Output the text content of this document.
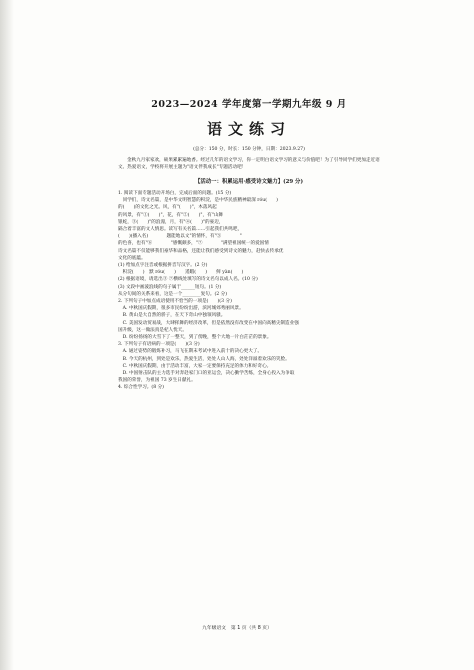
2023—2024 学年度第一学期九年级 9 月
语文练习
(总分：150 分，时长：150 分钟，日期：2023.9.27)

金秋九月家家欢，硕果累累遍地香。经过几年的语文学习，你一定明白语文学习的意义与价值吧！为了引导同学们更加走近语文、热爱语文，学校将开展主题为"语文伴我成长"专题活动吧！

【活动一：积累运用·感受诗文魅力】(29 分)
1. 阅读下面专题活动开场白，完成后面的问题。(15 分)
　同学们，诗文名篇，是中华文明智慧的积淀，是中华民族精神最深 róu(　　)
的(　　)的文化之光。风，有"(　　)"，木落风起
的风景，有"①(　　)"，花，有"②(　　)"，有"山舞
银蛇，③(　　)"的浪漫，月，有"④(　　)"的豪迈，
隔合着丰富的文人情思。读写有关名篇……引起我们共鸣吧，
(　　)(播入名)　　　　题能地以文"的情怀，有"⑤　　　　"
的色喜，也有"⑥　　　　"感慨颇多，"⑦　　　　"满望祖国统一的爱国情
诗文名篇不仅能够我们豪华和品格，还能让我们感受到诗文的魅力，赶快去传承优
文化的底蕴。
(1) 给加点字注音或根据拼音写汉字。(2 分)
　积淀(　　)　默 róu(　　)　　遥暇(　　)　　鲜 yàn(　　)
(2) 根据语境，请选出③ ⑦横线处填写的诗文名句以成人名。(10 分)
(3) 文段中画波浪线的句子属于______短句。(1 分)
从分句间的关系来看，这是一个________复句。(2 分)
2. 下列句子中加点成语使用不恰当的一项是(　　)(3 分)
　A. 中秋国庆假期，很多市民纷纷出游，滨河城郊秀丽风景。
　B. 黄山是大自然的骄子，在天下奇山中独领风骚。
　C. 美国发动贸易战，大肆挥舞的经济改革，但是依然没有改变在中国向高精尖制造业强
国升级，这一做法真是杞人忧天。
　D. 纷纷扬扬的大雪下了一整天，到了傍晚，整个大地一片白茫茫的景象。
3. 下列句子有语病的一项是(　　)(3 分)
　A. 通过姿势的锻炼补习，马飞在期末考试中进入前十的决心更大了。
　B. 今天的杭州，到处是欢乐，热爱生活，处处人山人海，处处洋溢着欢乐的笑脸。
　C. 中秋国庆假期，由于活动丰富，大家一定要保持充足的体力和好奇心。
　D. 中国射击队的主力选手对奔赴家门口的亚运会，决心勤学苦练，全身心投入为争取
我国的荣誉，为祖国 73 岁生日献礼。
4. 综合性学习。(8 分)
九年级语文　第 1 页（共 8 页）
